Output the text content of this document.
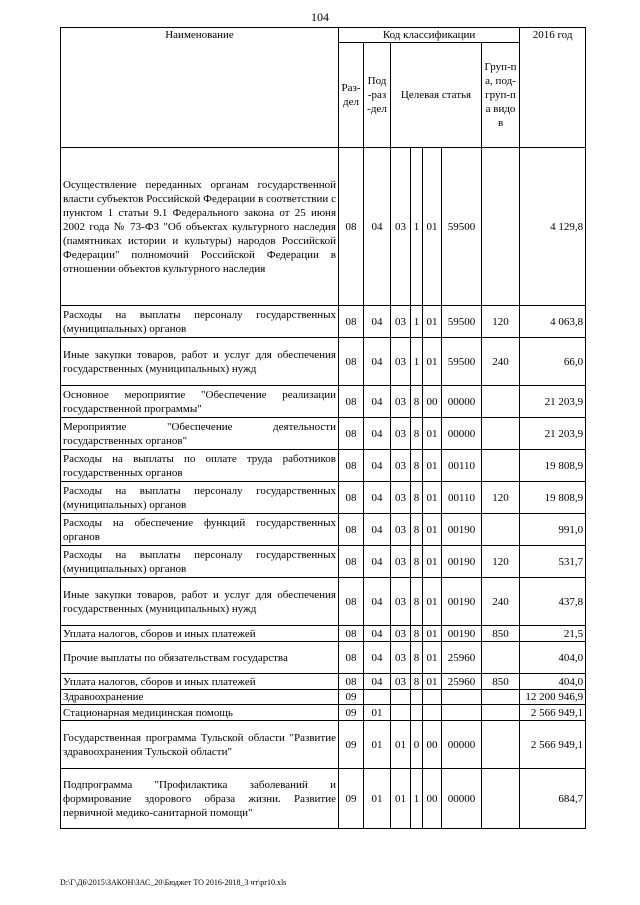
104
Наименование	Код классификации							2016 год
	Раз-дел	Под-раз-дел	Целевая статья				Груп-па, под-груп-па видов	
Осуществление переданных органам государственной власти субъектов Российской Федерации в соответствии с пунктом 1 статьи 9.1 Федерального закона от 25 июня 2002 года № 73-ФЗ "Об объектах культурного наследия (памятниках истории и культуры) народов Российской Федерации" полномочий Российской Федерации в отношении объектов культурного наследия	08	04	03	1	01	59500		4 129,8
Расходы на выплаты персоналу государственных (муниципальных) органов	08	04	03	1	01	59500	120	4 063,8
Иные закупки товаров, работ и услуг для обеспечения государственных (муниципальных) нужд	08	04	03	1	01	59500	240	66,0
Основное мероприятие "Обеспечение реализации государственной программы"	08	04	03	8	00	00000		21 203,9
Мероприятие "Обеспечение деятельности государственных органов"	08	04	03	8	01	00000		21 203,9
Расходы на выплаты по оплате труда работников государственных органов	08	04	03	8	01	00110		19 808,9
Расходы на выплаты персоналу государственных (муниципальных) органов	08	04	03	8	01	00110	120	19 808,9
Расходы на обеспечение функций государственных органов	08	04	03	8	01	00190		991,0
Расходы на выплаты персоналу государственных (муниципальных) органов	08	04	03	8	01	00190	120	531,7
Иные закупки товаров, работ и услуг для обеспечения государственных (муниципальных) нужд	08	04	03	8	01	00190	240	437,8
Уплата налогов, сборов и иных платежей	08	04	03	8	01	00190	850	21,5
Прочие выплаты по обязательствам государства	08	04	03	8	01	25960		404,0
Уплата налогов, сборов и иных платежей	08	04	03	8	01	25960	850	404,0
Здравоохранение	09							12 200 946,9
Стационарная медицинская помощь	09	01						2 566 949,1
Государственная программа Тульской области "Развитие здравоохранения Тульской области"	09	01	01	0	00	00000		2 566 949,1
Подпрограмма "Профилактика заболеваний и формирование здорового образа жизни. Развитие первичной медико-санитарной помощи"	09	01	01	1	00	00000		684,7
D:\Г\Д6\2015\ЗАКОН\ЗАС_20\Бюджет ТО 2016-2018_3 чт\pr10.xls
